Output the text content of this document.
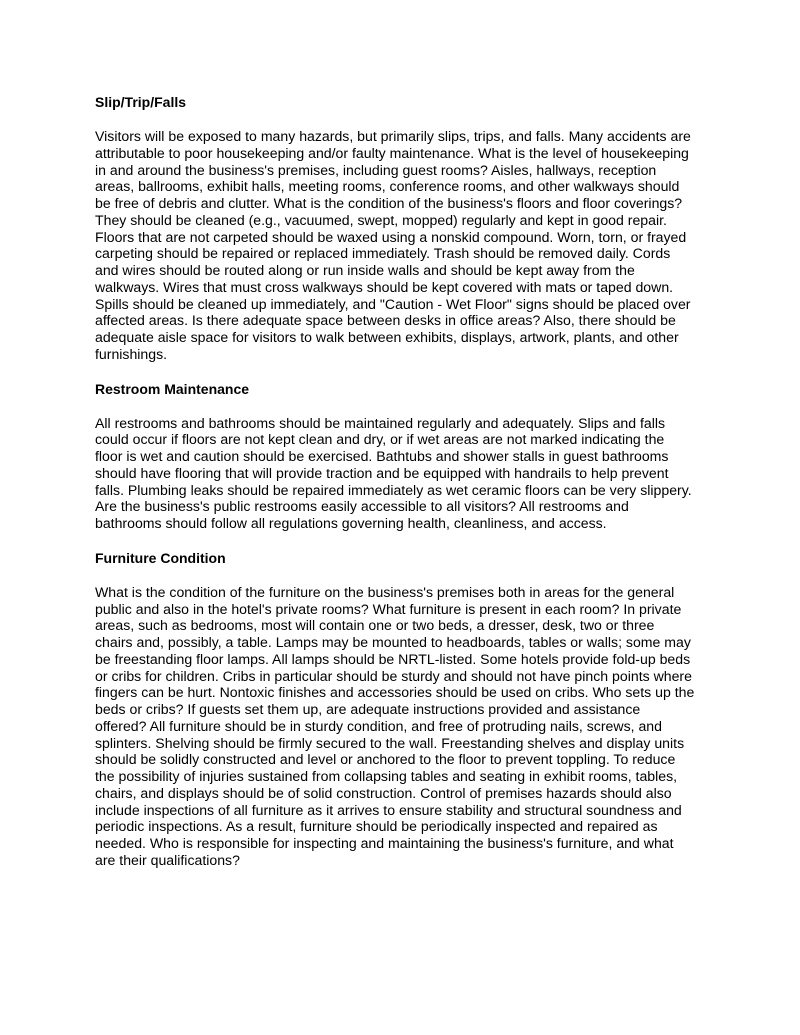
Slip/Trip/Falls
Visitors will be exposed to many hazards, but primarily slips, trips, and falls. Many accidents are
attributable to poor housekeeping and/or faulty maintenance. What is the level of housekeeping
in and around the business's premises, including guest rooms? Aisles, hallways, reception
areas, ballrooms, exhibit halls, meeting rooms, conference rooms, and other walkways should
be free of debris and clutter. What is the condition of the business's floors and floor coverings?
They should be cleaned (e.g., vacuumed, swept, mopped) regularly and kept in good repair.
Floors that are not carpeted should be waxed using a nonskid compound. Worn, torn, or frayed
carpeting should be repaired or replaced immediately. Trash should be removed daily. Cords
and wires should be routed along or run inside walls and should be kept away from the
walkways. Wires that must cross walkways should be kept covered with mats or taped down.
Spills should be cleaned up immediately, and "Caution - Wet Floor" signs should be placed over
affected areas. Is there adequate space between desks in office areas? Also, there should be
adequate aisle space for visitors to walk between exhibits, displays, artwork, plants, and other
furnishings.
Restroom Maintenance
All restrooms and bathrooms should be maintained regularly and adequately. Slips and falls
could occur if floors are not kept clean and dry, or if wet areas are not marked indicating the
floor is wet and caution should be exercised. Bathtubs and shower stalls in guest bathrooms
should have flooring that will provide traction and be equipped with handrails to help prevent
falls. Plumbing leaks should be repaired immediately as wet ceramic floors can be very slippery.
Are the business's public restrooms easily accessible to all visitors? All restrooms and
bathrooms should follow all regulations governing health, cleanliness, and access.
Furniture Condition
What is the condition of the furniture on the business's premises both in areas for the general
public and also in the hotel's private rooms? What furniture is present in each room? In private
areas, such as bedrooms, most will contain one or two beds, a dresser, desk, two or three
chairs and, possibly, a table. Lamps may be mounted to headboards, tables or walls; some may
be freestanding floor lamps. All lamps should be NRTL-listed. Some hotels provide fold-up beds
or cribs for children. Cribs in particular should be sturdy and should not have pinch points where
fingers can be hurt. Nontoxic finishes and accessories should be used on cribs. Who sets up the
beds or cribs? If guests set them up, are adequate instructions provided and assistance
offered? All furniture should be in sturdy condition, and free of protruding nails, screws, and
splinters. Shelving should be firmly secured to the wall. Freestanding shelves and display units
should be solidly constructed and level or anchored to the floor to prevent toppling. To reduce
the possibility of injuries sustained from collapsing tables and seating in exhibit rooms, tables,
chairs, and displays should be of solid construction. Control of premises hazards should also
include inspections of all furniture as it arrives to ensure stability and structural soundness and
periodic inspections. As a result, furniture should be periodically inspected and repaired as
needed. Who is responsible for inspecting and maintaining the business's furniture, and what
are their qualifications?
